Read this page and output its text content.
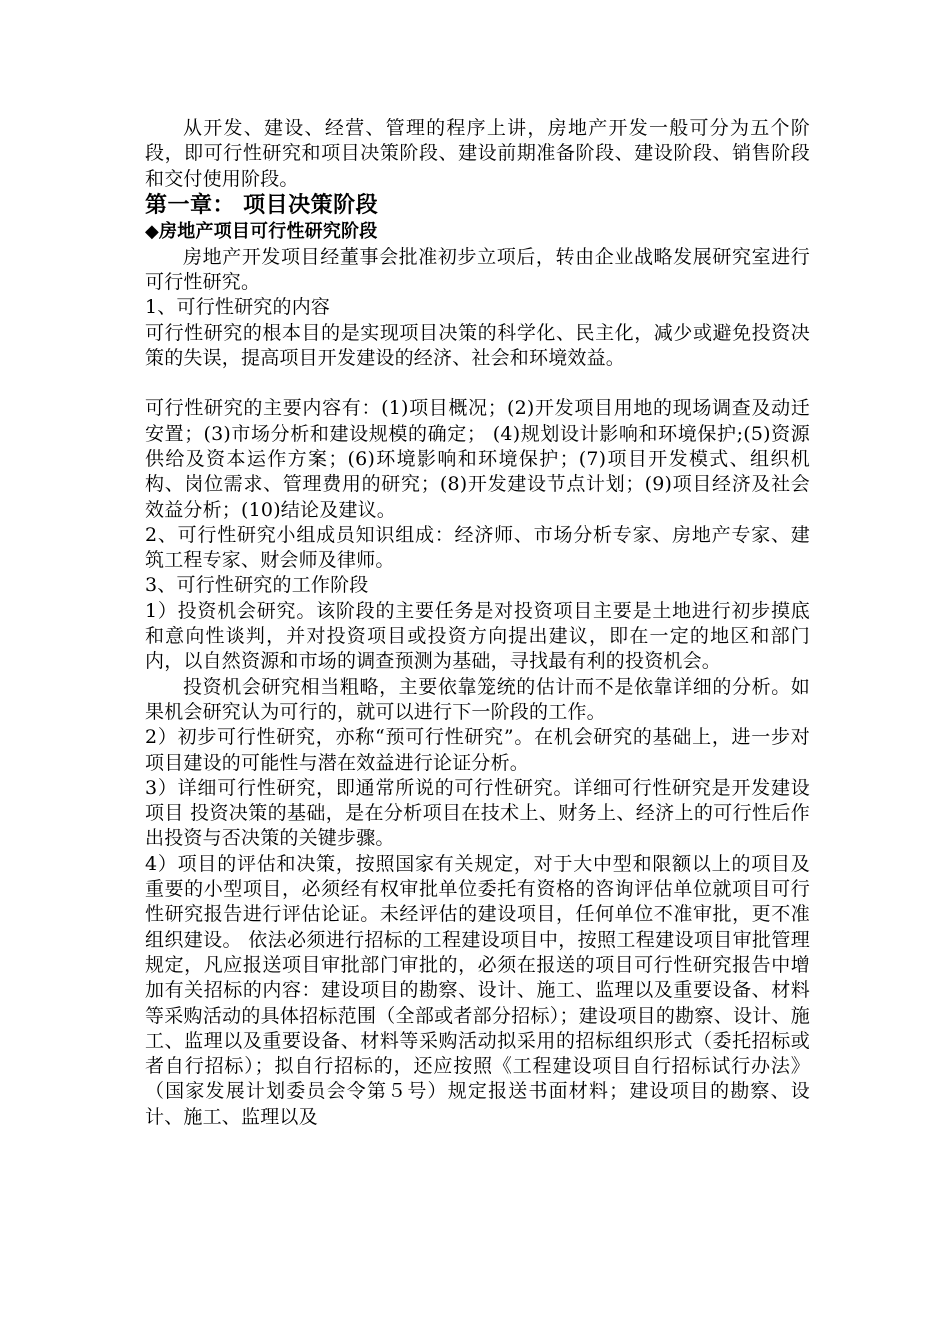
从开发、建设、经营、管理的程序上讲，房地产开发一般可分为五个阶段，即可行性研究和项目决策阶段、建设前期准备阶段、建设阶段、销售阶段和交付使用阶段。

第一章： 项目决策阶段

◆房地产项目可行性研究阶段

房地产开发项目经董事会批准初步立项后，转由企业战略发展研究室进行可行性研究。

1、可行性研究的内容

可行性研究的根本目的是实现项目决策的科学化、民主化，减少或避免投资决策的失误，提高项目开发建设的经济、社会和环境效益。

可行性研究的主要内容有：(1)项目概况；(2)开发项目用地的现场调查及动迁安置；(3)市场分析和建设规模的确定； (4)规划设计影响和环境保护;(5)资源供给及资本运作方案；(6)环境影响和环境保护；(7)项目开发模式、组织机构、岗位需求、管理费用的研究；(8)开发建设节点计划；(9)项目经济及社会效益分析；(10)结论及建议。

2、可行性研究小组成员知识组成：经济师、市场分析专家、房地产专家、建筑工程专家、财会师及律师。

3、可行性研究的工作阶段

1）投资机会研究。该阶段的主要任务是对投资项目主要是土地进行初步摸底和意向性谈判，并对投资项目或投资方向提出建议，即在一定的地区和部门内，以自然资源和市场的调查预测为基础，寻找最有利的投资机会。

投资机会研究相当粗略，主要依靠笼统的估计而不是依靠详细的分析。如果机会研究认为可行的，就可以进行下一阶段的工作。

2）初步可行性研究，亦称“预可行性研究”。在机会研究的基础上，进一步对项目建设的可能性与潜在效益进行论证分析。

3）详细可行性研究，即通常所说的可行性研究。详细可行性研究是开发建设项目 投资决策的基础，是在分析项目在技术上、财务上、经济上的可行性后作出投资与否决策的关键步骤。

4）项目的评估和决策，按照国家有关规定，对于大中型和限额以上的项目及重要的小型项目，必须经有权审批单位委托有资格的咨询评估单位就项目可行性研究报告进行评估论证。未经评估的建设项目，任何单位不准审批，更不准组织建设。 依法必须进行招标的工程建设项目中，按照工程建设项目审批管理规定，凡应报送项目审批部门审批的，必须在报送的项目可行性研究报告中增加有关招标的内容：建设项目的勘察、设计、施工、监理以及重要设备、材料等采购活动的具体招标范围（全部或者部分招标）；建设项目的勘察、设计、施工、监理以及重要设备、材料等采购活动拟采用的招标组织形式（委托招标或者自行招标）；拟自行招标的，还应按照《工程建设项目自行招标试行办法》（国家发展计划委员会令第５号）规定报送书面材料；建设项目的勘察、设计、施工、监理以及
